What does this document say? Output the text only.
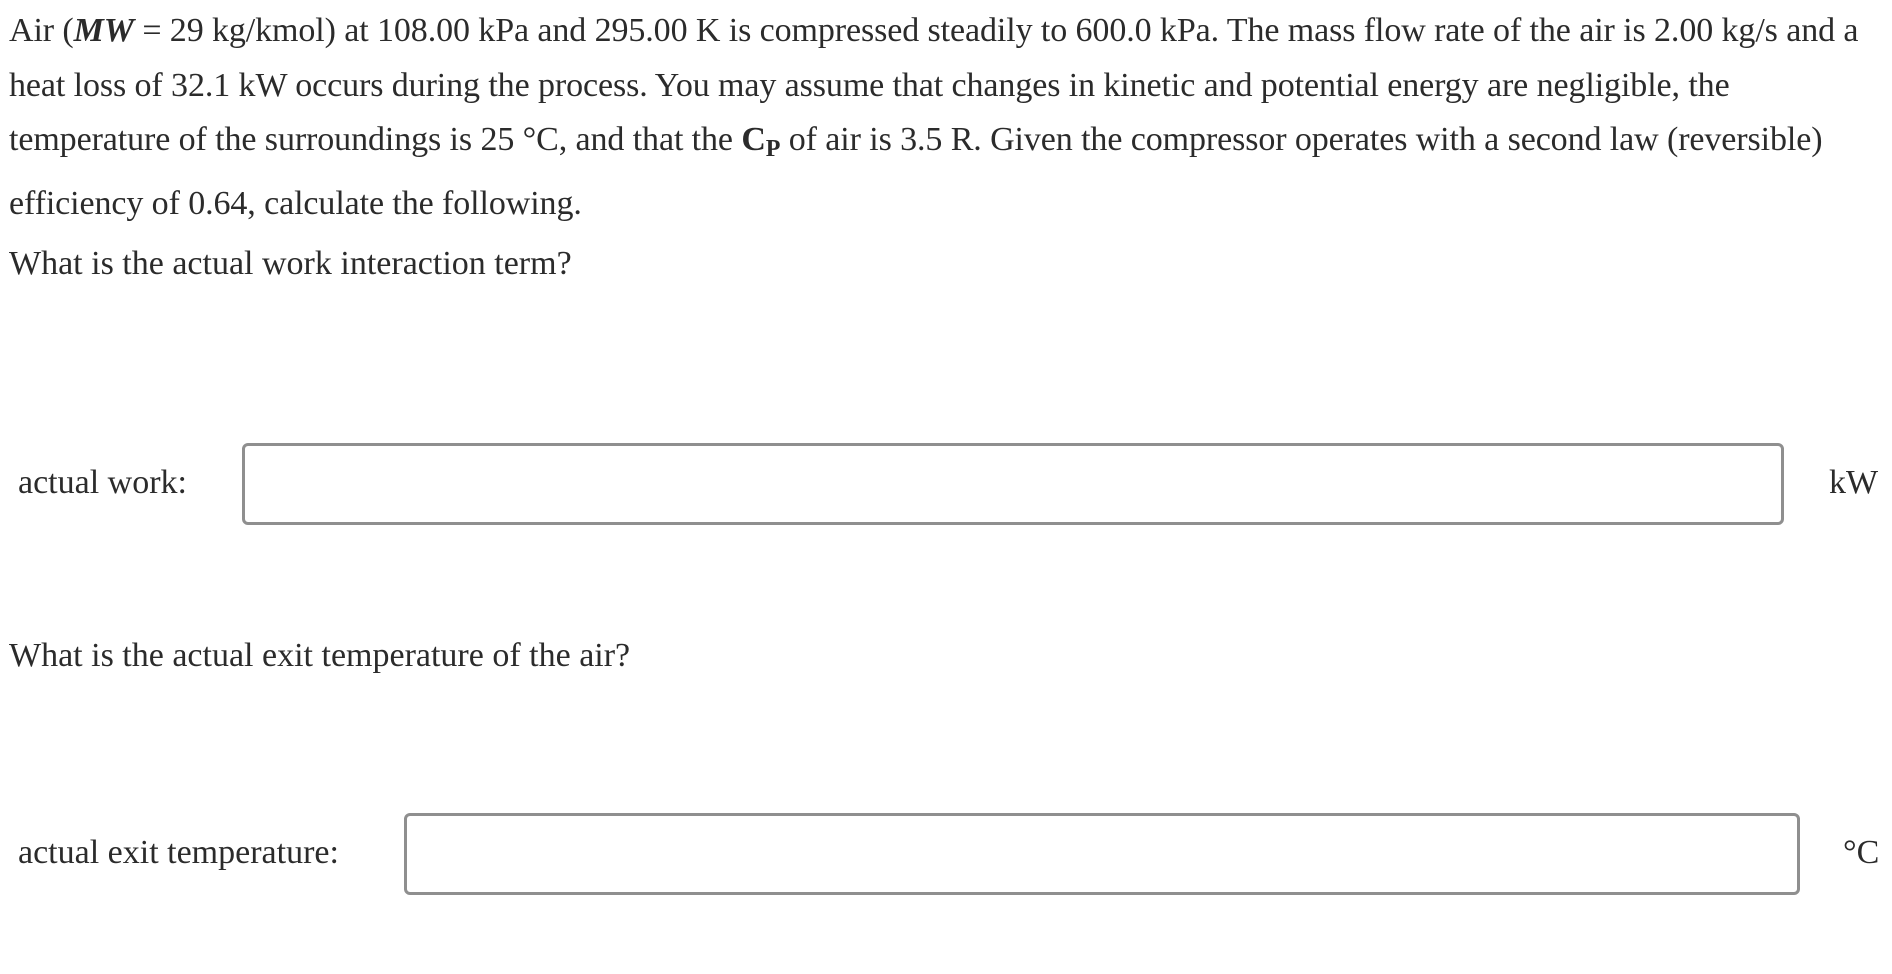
Air (MW = 29 kg/kmol) at 108.00 kPa and 295.00 K is compressed steadily to 600.0 kPa. The mass flow rate of the air is 2.00 kg/s and a heat loss of 32.1 kW occurs during the process. You may assume that changes in kinetic and potential energy are negligible, the temperature of the surroundings is 25 °C, and that the $C_P$ of air is 3.5 R. Given the compressor operates with a second law (reversible) efficiency of 0.64, calculate the following.
What is the actual work interaction term?
actual work:	kW
What is the actual exit temperature of the air?
actual exit temperature:	°C
